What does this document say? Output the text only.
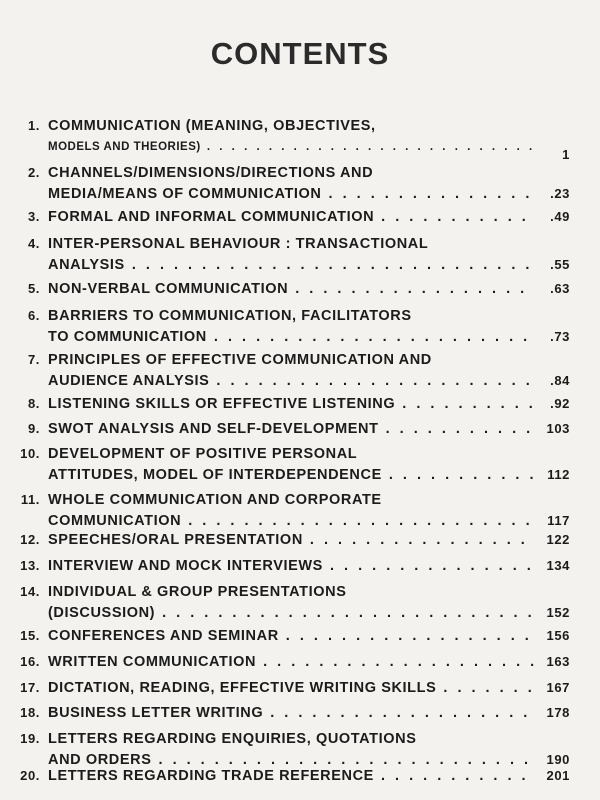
CONTENTS
1. COMMUNICATION (MEANING, OBJECTIVES,
MODELS AND THEORIES) . . . . . . . . . . . . . . . . . . . . . . . . . . .	1
2. CHANNELS/DIMENSIONS/DIRECTIONS AND
MEDIA/MEANS OF COMMUNICATION . . . . . . . . . . . . . . .	.23
3. FORMAL AND INFORMAL COMMUNICATION . . . . . . . . . . .	.49
4. INTER-PERSONAL BEHAVIOUR : TRANSACTIONAL
ANALYSIS . . . . . . . . . . . . . . . . . . . . . . . . . . . . .	.55
5. NON-VERBAL COMMUNICATION . . . . . . . . . . . . . . . . .	.63
6. BARRIERS TO COMMUNICATION, FACILITATORS
TO COMMUNICATION . . . . . . . . . . . . . . . . . . . . . . .	.73
7. PRINCIPLES OF EFFECTIVE COMMUNICATION AND
AUDIENCE ANALYSIS . . . . . . . . . . . . . . . . . . . . . . .	.84
8. LISTENING SKILLS OR EFFECTIVE LISTENING . . . . . . . . . .	.92
9. SWOT ANALYSIS AND SELF-DEVELOPMENT . . . . . . . . . . .	103
10. DEVELOPMENT OF POSITIVE PERSONAL
ATTITUDES, MODEL OF INTERDEPENDENCE . . . . . . . . . . . 112
11. WHOLE COMMUNICATION AND CORPORATE
COMMUNICATION . . . . . . . . . . . . . . . . . . . . . . . . .	117
12. SPEECHES/ORAL PRESENTATION . . . . . . . . . . . . . . . .	122
13. INTERVIEW AND MOCK INTERVIEWS . . . . . . . . . . . . . . . 134
14. INDIVIDUAL & GROUP PRESENTATIONS
(DISCUSSION) . . . . . . . . . . . . . . . . . . . . . . . . . . . 152
15. CONFERENCES AND SEMINAR . . . . . . . . . . . . . . . . . .	156
16. WRITTEN COMMUNICATION . . . . . . . . . . . . . . . . . . . . 163
17. DICTATION, READING, EFFECTIVE WRITING SKILLS . . . . . . . 167
18. BUSINESS LETTER WRITING . . . . . . . . . . . . . . . . . . .	178
19. LETTERS REGARDING ENQUIRIES, QUOTATIONS
AND ORDERS . . . . . . . . . . . . . . . . . . . . . . . . . . .	190
20. LETTERS REGARDING TRADE REFERENCE . . . . . . . . . . .	201
